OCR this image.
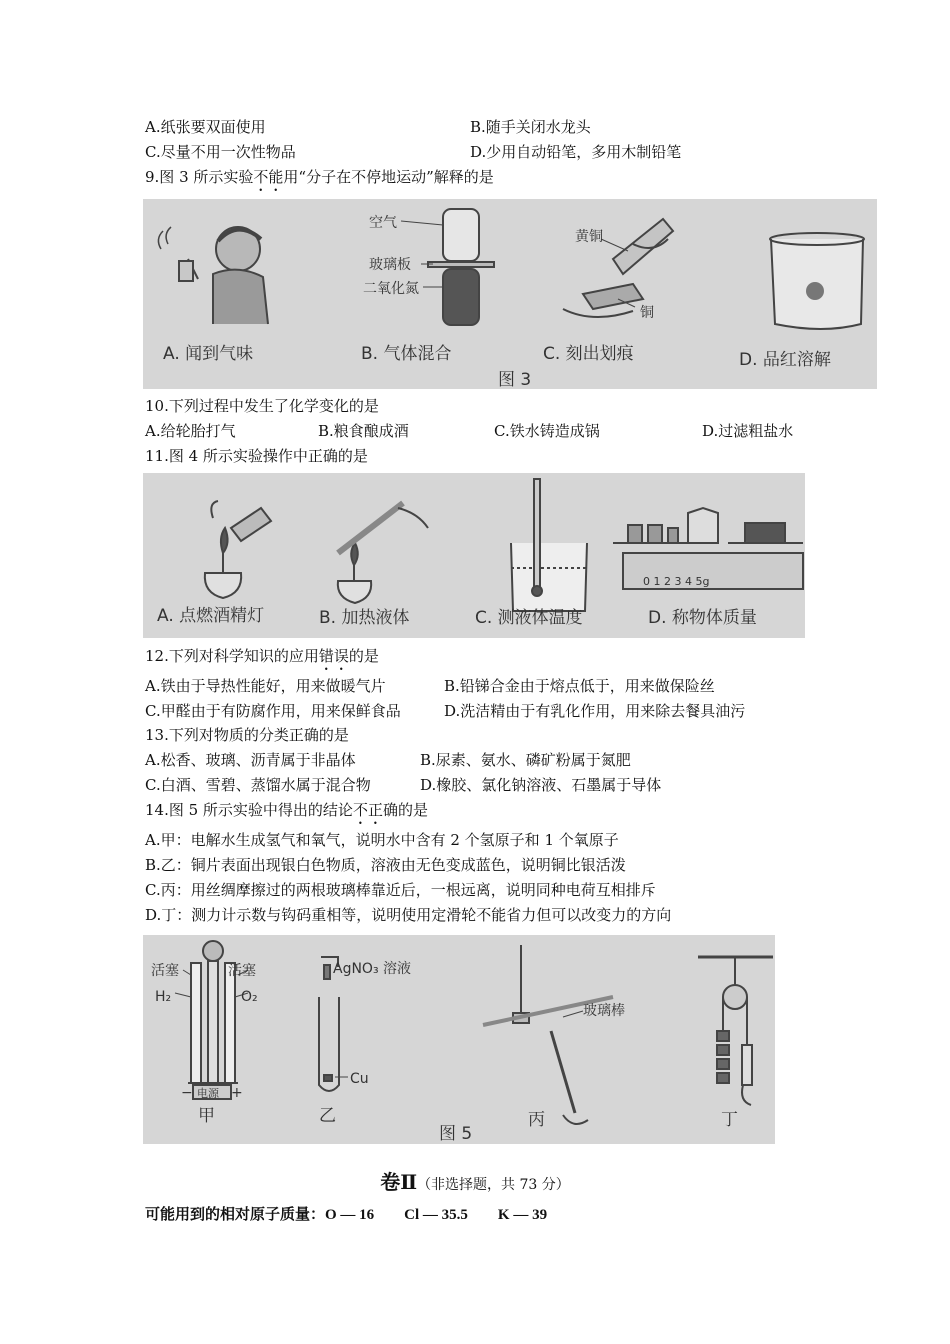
A.纸张要双面使用	B.随手关闭水龙头
C.尽量不用一次性物品	D.少用自动铅笔，多用木制铅笔
9.图 3 所示实验不能用“分子在不停地运动”解释的是
空气
玻璃板
二氧化氮
黄铜
铜
A. 闻到气味	B. 气体混合	C. 刻出划痕	D. 品红溶解
图 3
10.下列过程中发生了化学变化的是
A.给轮胎打气	B.粮食酿成酒	C.铁水铸造成锅	D.过滤粗盐水
11.图 4 所示实验操作中正确的是
0 1 2 3 4 5g
A. 点燃酒精灯	B. 加热液体	C. 测液体温度	D. 称物体质量
12.下列对科学知识的应用错误的是
A.铁由于导热性能好，用来做暖气片	B.铅锑合金由于熔点低于，用来做保险丝
C.甲醛由于有防腐作用，用来保鲜食品	D.洗洁精由于有乳化作用，用来除去餐具油污
13.下列对物质的分类正确的是
A.松香、玻璃、沥青属于非晶体	B.尿素、氨水、磷矿粉属于氮肥
C.白酒、雪碧、蒸馏水属于混合物	D.橡胶、氯化钠溶液、石墨属于导体
14.图 5 所示实验中得出的结论不正确的是
A.甲：电解水生成氢气和氧气，说明水中含有 2 个氢原子和 1 个氧原子
B.乙：铜片表面出现银白色物质，溶液由无色变成蓝色，说明铜比银活泼
C.丙：用丝绸摩擦过的两根玻璃棒靠近后，一根远离，说明同种电荷互相排斥
D.丁：测力计示数与钩码重相等，说明使用定滑轮不能省力但可以改变力的方向
活塞	活塞
H₂	O₂
− 电源 +
甲
AgNO₃ 溶液
Cu
乙
玻璃棒
丙	丁
图 5
卷Ⅱ（非选择题，共 73 分）
可能用到的相对原子质量：O — 16　　Cl — 35.5　　K — 39
